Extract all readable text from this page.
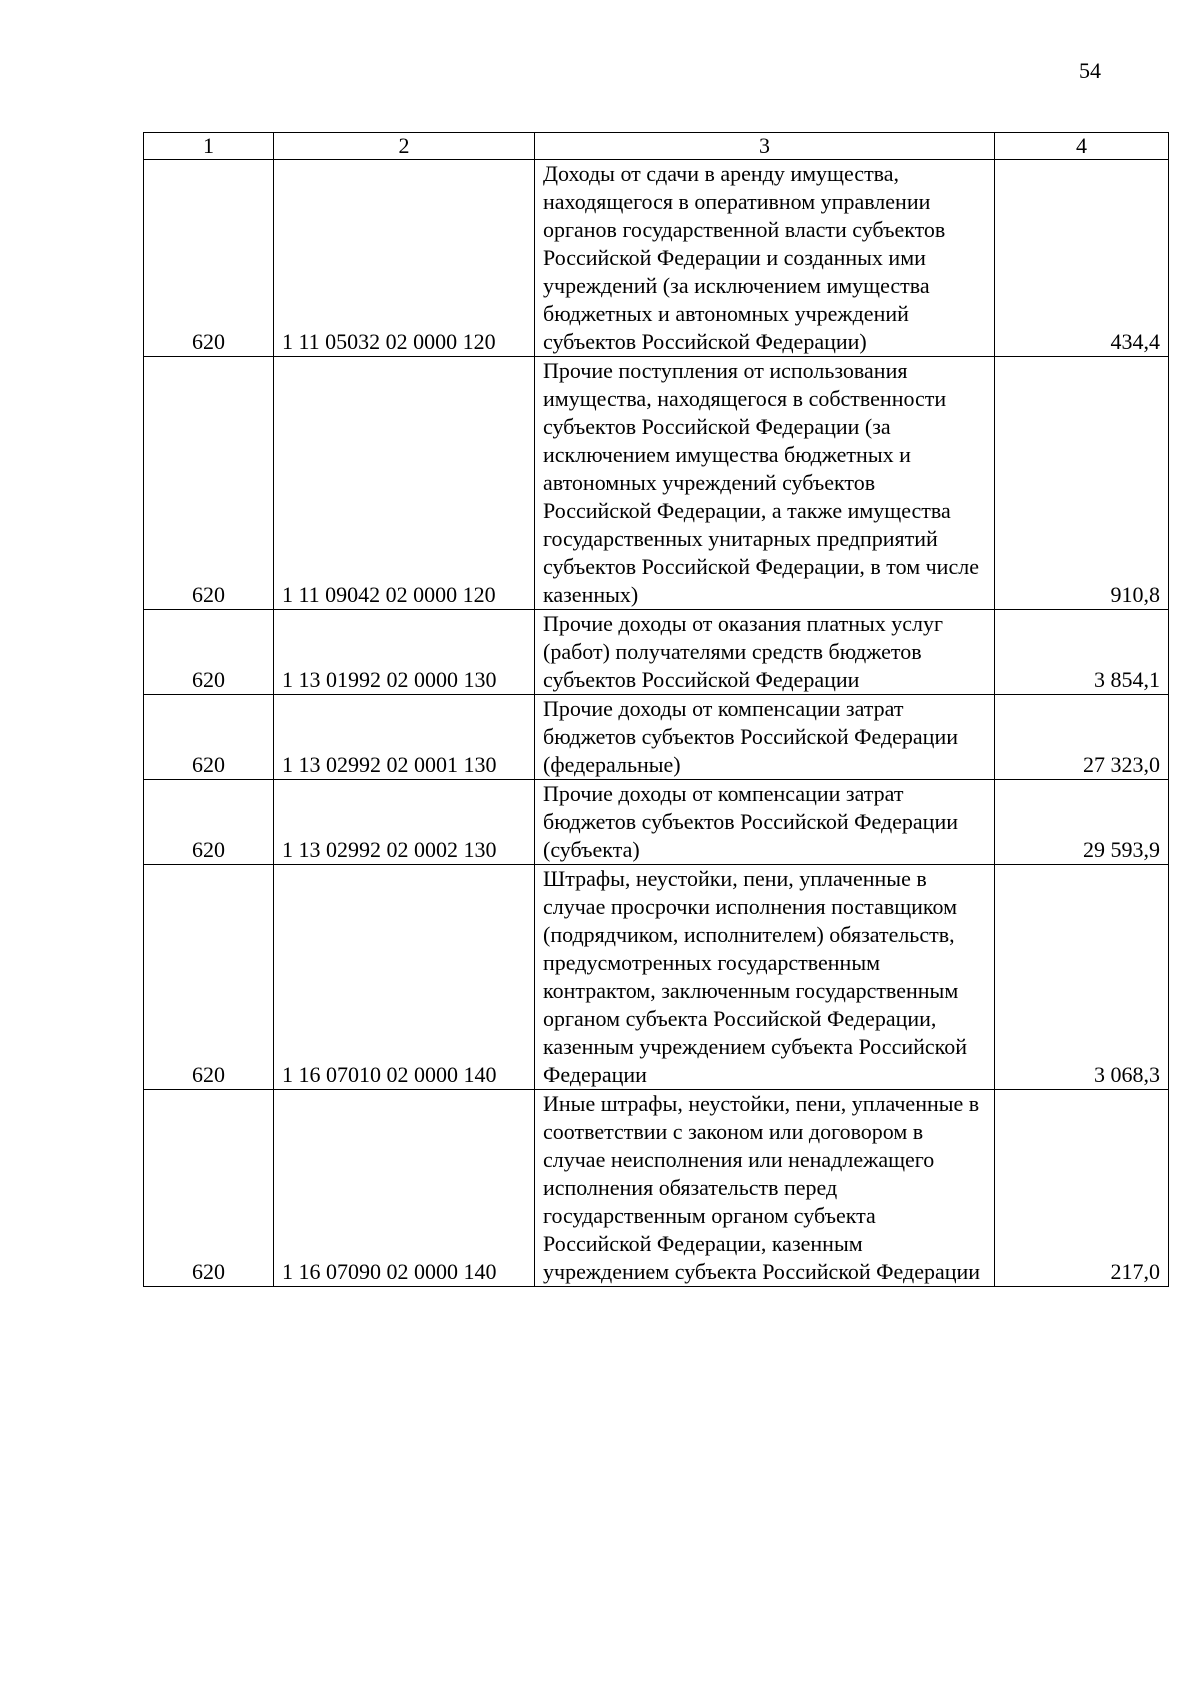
54
1	2	3	4
620	1 11 05032 02 0000 120	Доходы от сдачи в аренду имущества, находящегося в оперативном управлении органов государственной власти субъектов Российской Федерации и созданных ими учреждений (за исключением имущества бюджетных и автономных учреждений субъектов Российской Федерации)	434,4
620	1 11 09042 02 0000 120	Прочие поступления от использования имущества, находящегося в собственности субъектов Российской Федерации (за исключением имущества бюджетных и автономных учреждений субъектов Российской Федерации, а также имущества государственных унитарных предприятий субъектов Российской Федерации, в том числе казенных)	910,8
620	1 13 01992 02 0000 130	Прочие доходы от оказания платных услуг (работ) получателями средств бюджетов субъектов Российской Федерации	3 854,1
620	1 13 02992 02 0001 130	Прочие доходы от компенсации затрат бюджетов субъектов Российской Федерации (федеральные)	27 323,0
620	1 13 02992 02 0002 130	Прочие доходы от компенсации затрат бюджетов субъектов Российской Федерации (субъекта)	29 593,9
620	1 16 07010 02 0000 140	Штрафы, неустойки, пени, уплаченные в случае просрочки исполнения поставщиком (подрядчиком, исполнителем) обязательств, предусмотренных государственным контрактом, заключенным государственным органом субъекта Российской Федерации, казенным учреждением субъекта Российской Федерации	3 068,3
620	1 16 07090 02 0000 140	Иные штрафы, неустойки, пени, уплаченные в соответствии с законом или договором в случае неисполнения или ненадлежащего исполнения обязательств перед государственным органом субъекта Российской Федерации, казенным учреждением субъекта Российской Федерации	217,0
